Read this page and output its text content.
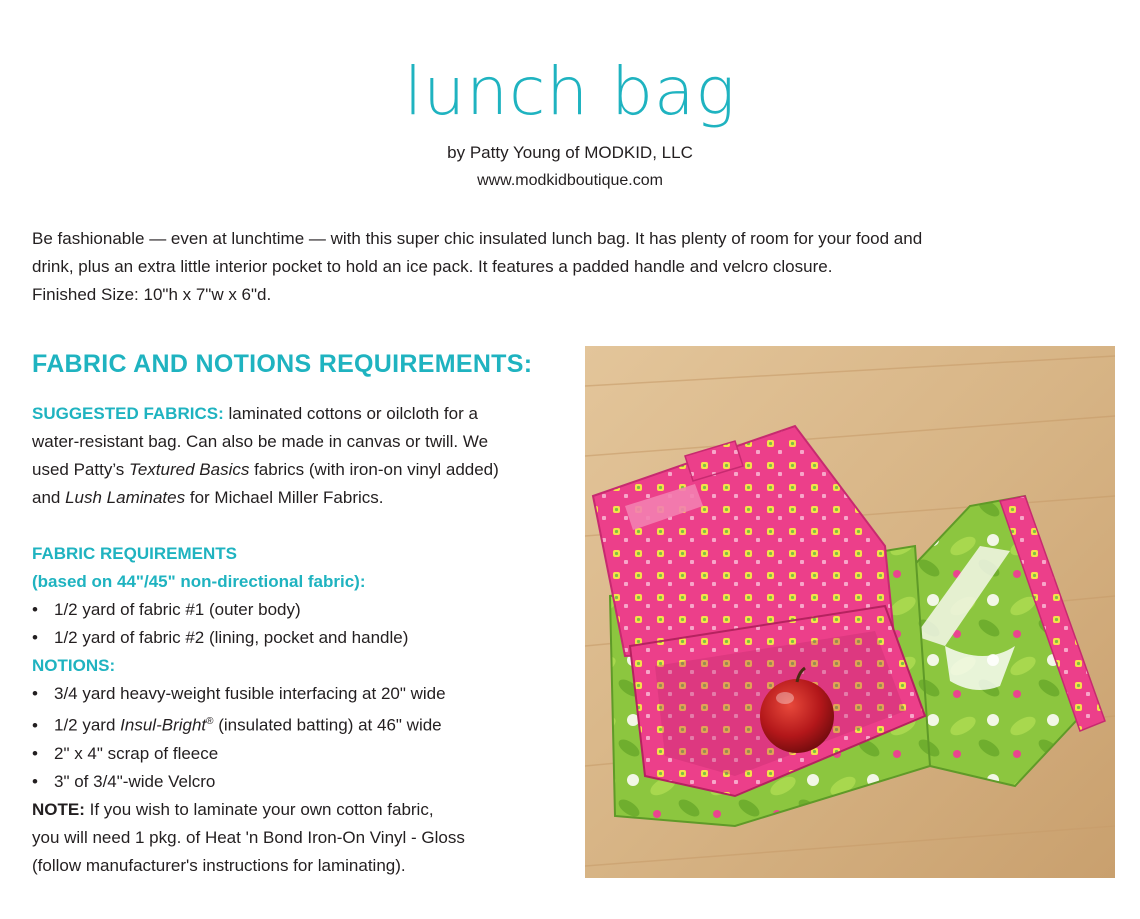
lunch bag
by Patty Young of MODKID, LLC
www.modkidboutique.com
Be fashionable — even at lunchtime — with this super chic insulated lunch bag. It has plenty of room for your food and
drink, plus an extra little interior pocket to hold an ice pack. It features a padded handle and velcro closure.
Finished Size: 10"h x 7"w x 6"d.
FABRIC AND NOTIONS REQUIREMENTS:
SUGGESTED FABRICS: laminated cottons or oilcloth for a
water-resistant bag. Can also be made in canvas or twill. We
used Patty’s Textured Basics fabrics (with iron-on vinyl added)
and Lush Laminates for Michael Miller Fabrics.
FABRIC REQUIREMENTS
(based on 44"/45" non-directional fabric):
• 1/2 yard of fabric #1 (outer body)
• 1/2 yard of fabric #2 (lining, pocket and handle)
NOTIONS:
• 3/4 yard heavy-weight fusible interfacing at 20" wide
• 1/2 yard Insul-Bright® (insulated batting) at 46" wide
• 2" x 4" scrap of fleece
• 3" of 3/4"-wide Velcro
NOTE: If you wish to laminate your own cotton fabric,
you will need 1 pkg. of Heat 'n Bond Iron-On Vinyl - Gloss
(follow manufacturer's instructions for laminating).
